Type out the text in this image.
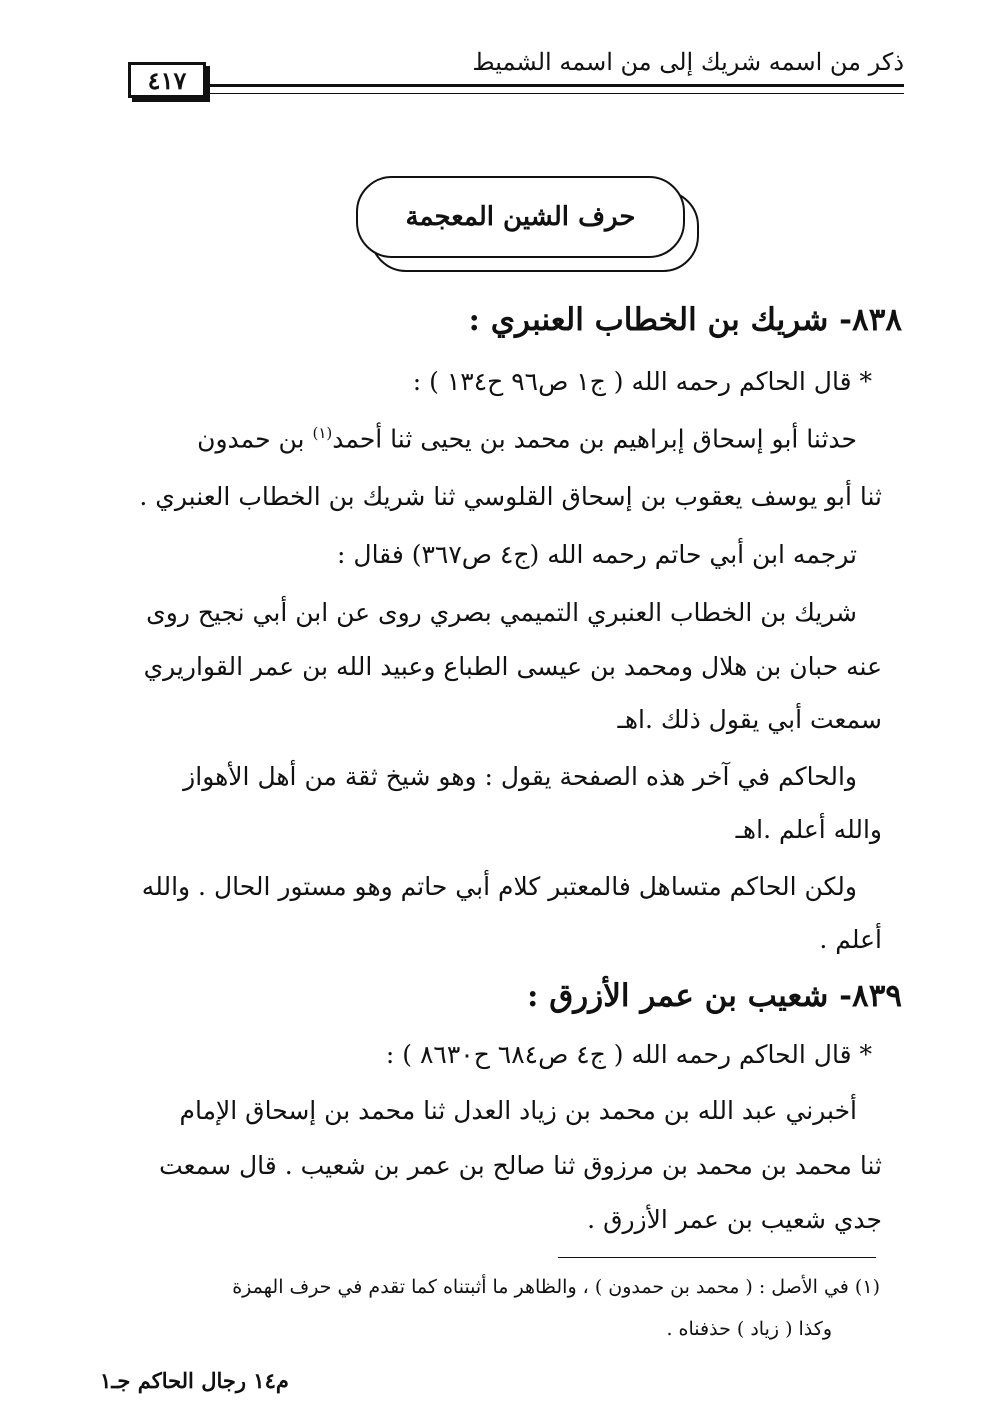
ذكر من اسمه شريك إلى من اسمه الشميط
٤١٧
حرف الشين المعجمة
٨٣٨- شريك بن الخطاب العنبري :
* قال الحاكم رحمه الله ( ج١ ص٩٦ ح١٣٤ ) :
حدثنا أبو إسحاق إبراهيم بن محمد بن يحيى ثنا أحمد$^{(١)}$ بن حمدون
ثنا أبو يوسف يعقوب بن إسحاق القلوسي ثنا شريك بن الخطاب العنبري .
ترجمه ابن أبي حاتم رحمه الله (ج٤ ص٣٦٧) فقال :
شريك بن الخطاب العنبري التميمي بصري روى عن ابن أبي نجيح روى
عنه حبان بن هلال ومحمد بن عيسى الطباع وعبيد الله بن عمر القواريري
سمعت أبي يقول ذلك .اهـ
والحاكم في آخر هذه الصفحة يقول : وهو شيخ ثقة من أهل الأهواز
والله أعلم .اهـ
ولكن الحاكم متساهل فالمعتبر كلام أبي حاتم وهو مستور الحال . والله
أعلم .
٨٣٩- شعيب بن عمر الأزرق :
* قال الحاكم رحمه الله ( ج٤ ص٦٨٤ ح٨٦٣٠ ) :
أخبرني عبد الله بن محمد بن زياد العدل ثنا محمد بن إسحاق الإمام
ثنا محمد بن محمد بن مرزوق ثنا صالح بن عمر بن شعيب . قال سمعت
جدي شعيب بن عمر الأزرق .
(١) في الأصل : ( محمد بن حمدون ) ، والظاهر ما أثبتناه كما تقدم في حرف الهمزة
وكذا ( زياد ) حذفناه .
م١٤ رجال الحاكم جـ١
